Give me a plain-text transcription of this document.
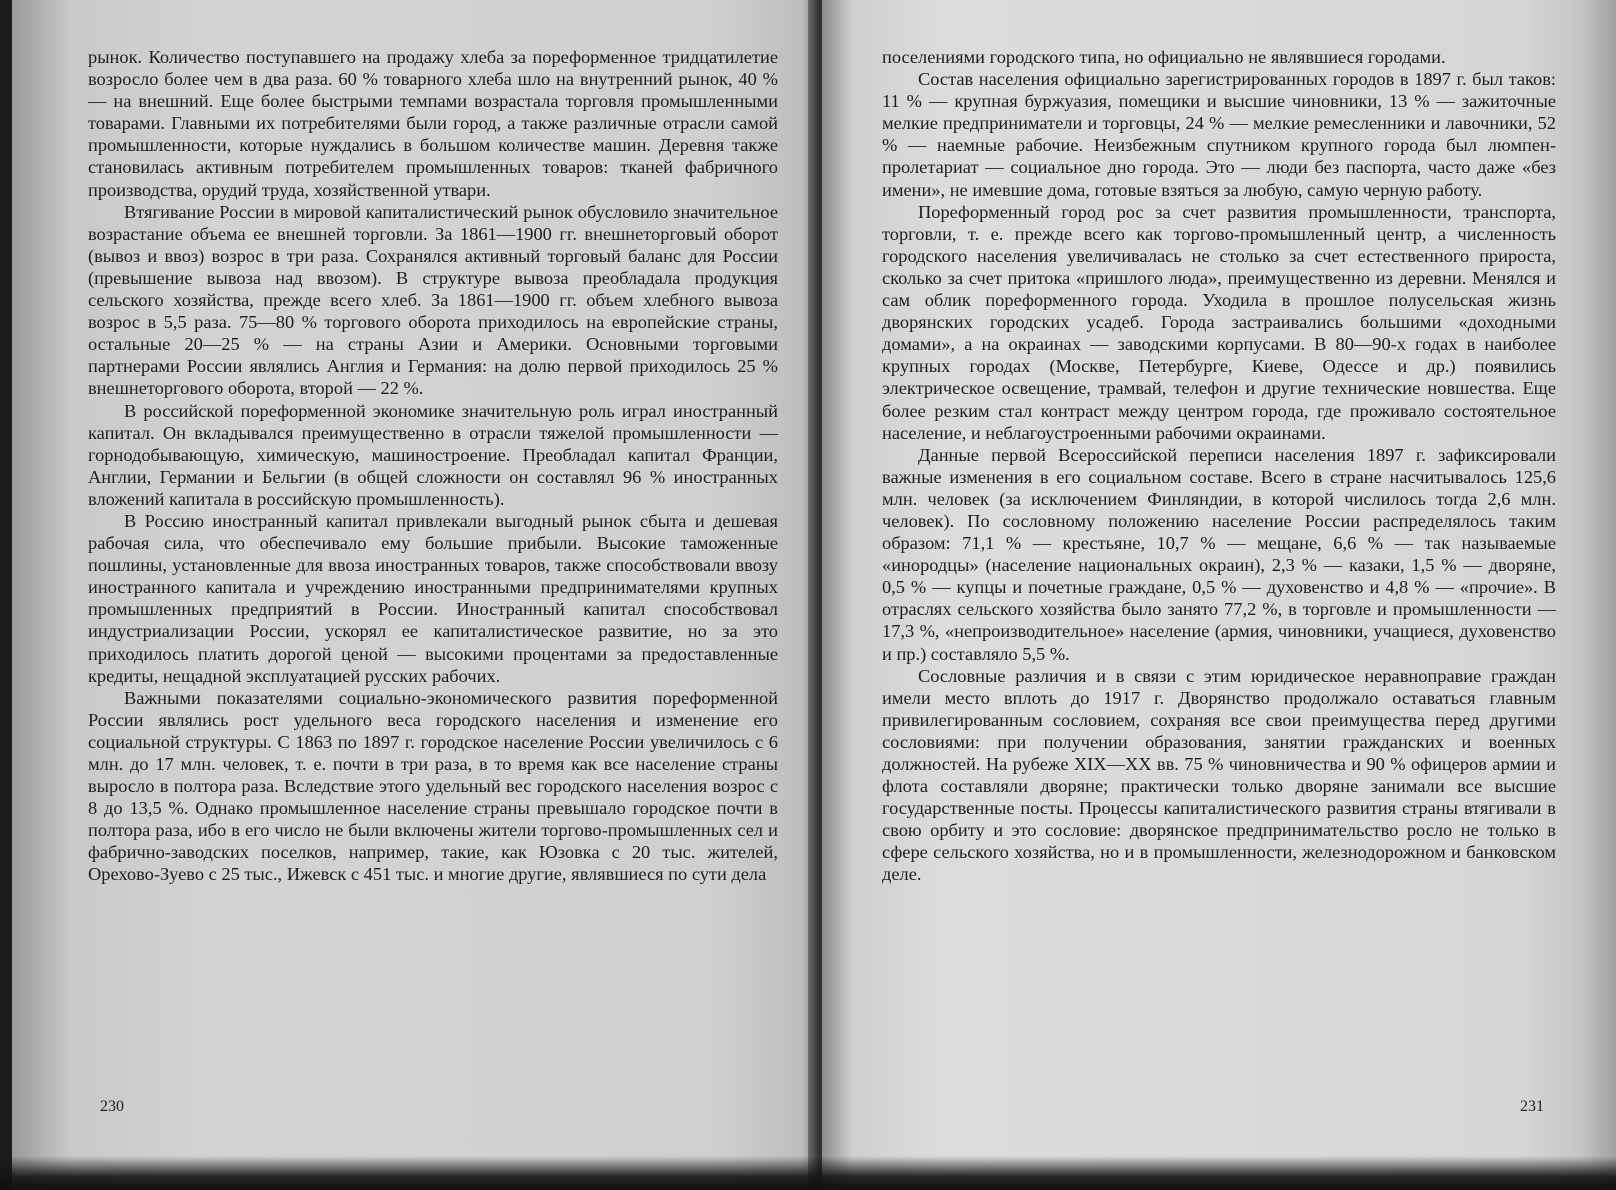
рынок. Количество поступавшего на продажу хлеба за пореформенное тридцатилетие возросло более чем в два раза. 60 % товарного хлеба шло на внутренний рынок, 40 % — на внешний. Еще более быстрыми темпами возрастала торговля промышленными товарами. Главными их потребителями были город, а также различные отрасли самой промышленности, которые нуждались в большом количестве машин. Деревня также становилась активным потребителем промышленных товаров: тканей фабричного производства, орудий труда, хозяйственной утвари.

Втягивание России в мировой капиталистический рынок обусловило значительное возрастание объема ее внешней торговли. За 1861—1900 гг. внешнеторговый оборот (вывоз и ввоз) возрос в три раза. Сохранялся активный торговый баланс для России (превышение вывоза над ввозом). В структуре вывоза преобладала продукция сельского хозяйства, прежде всего хлеб. За 1861—1900 гг. объем хлебного вывоза возрос в 5,5 раза. 75—80 % торгового оборота приходилось на европейские страны, остальные 20—25 % — на страны Азии и Америки. Основными торговыми партнерами России являлись Англия и Германия: на долю первой приходилось 25 % внешнеторгового оборота, второй — 22 %.

В российской пореформенной экономике значительную роль играл иностранный капитал. Он вкладывался преимущественно в отрасли тяжелой промышленности — горнодобывающую, химическую, машиностроение. Преобладал капитал Франции, Англии, Германии и Бельгии (в общей сложности он составлял 96 % иностранных вложений капитала в российскую промышленность).

В Россию иностранный капитал привлекали выгодный рынок сбыта и дешевая рабочая сила, что обеспечивало ему большие прибыли. Высокие таможенные пошлины, установленные для ввоза иностранных товаров, также способствовали ввозу иностранного капитала и учреждению иностранными предпринимателями крупных промышленных предприятий в России. Иностранный капитал способствовал индустриализации России, ускорял ее капиталистическое развитие, но за это приходилось платить дорогой ценой — высокими процентами за предоставленные кредиты, нещадной эксплуатацией русских рабочих.

Важными показателями социально-экономического развития пореформенной России являлись рост удельного веса городского населения и изменение его социальной структуры. С 1863 по 1897 г. городское население России увеличилось с 6 млн. до 17 млн. человек, т. е. почти в три раза, в то время как все население страны выросло в полтора раза. Вследствие этого удельный вес городского населения возрос с 8 до 13,5 %. Однако промышленное население страны превышало городское почти в полтора раза, ибо в его число не были включены жители торгово-промышленных сел и фабрично-заводских поселков, например, такие, как Юзовка с 20 тыс. жителей, Орехово-Зуево с 25 тыс., Ижевск с 451 тыс. и многие другие, являвшиеся по сути дела

230

поселениями городского типа, но официально не являвшиеся городами.

Состав населения официально зарегистрированных городов в 1897 г. был таков: 11 % — крупная буржуазия, помещики и высшие чиновники, 13 % — зажиточные мелкие предприниматели и торговцы, 24 % — мелкие ремесленники и лавочники, 52 % — наемные рабочие. Неизбежным спутником крупного города был люмпен-пролетариат — социальное дно города. Это — люди без паспорта, часто даже «без имени», не имевшие дома, готовые взяться за любую, самую черную работу.

Пореформенный город рос за счет развития промышленности, транспорта, торговли, т. е. прежде всего как торгово-промышленный центр, а численность городского населения увеличивалась не столько за счет естественного прироста, сколько за счет притока «пришлого люда», преимущественно из деревни. Менялся и сам облик пореформенного города. Уходила в прошлое полусельская жизнь дворянских городских усадеб. Города застраивались большими «доходными домами», а на окраинах — заводскими корпусами. В 80—90-х годах в наиболее крупных городах (Москве, Петербурге, Киеве, Одессе и др.) появились электрическое освещение, трамвай, телефон и другие технические новшества. Еще более резким стал контраст между центром города, где проживало состоятельное население, и неблагоустроенными рабочими окраинами.

Данные первой Всероссийской переписи населения 1897 г. зафиксировали важные изменения в его социальном составе. Всего в стране насчитывалось 125,6 млн. человек (за исключением Финляндии, в которой числилось тогда 2,6 млн. человек). По сословному положению население России распределялось таким образом: 71,1 % — крестьяне, 10,7 % — мещане, 6,6 % — так называемые «инородцы» (население национальных окраин), 2,3 % — казаки, 1,5 % — дворяне, 0,5 % — купцы и почетные граждане, 0,5 % — духовенство и 4,8 % — «прочие». В отраслях сельского хозяйства было занято 77,2 %, в торговле и промышленности — 17,3 %, «непроизводительное» население (армия, чиновники, учащиеся, духовенство и пр.) составляло 5,5 %.

Сословные различия и в связи с этим юридическое неравноправие граждан имели место вплоть до 1917 г. Дворянство продолжало оставаться главным привилегированным сословием, сохраняя все свои преимущества перед другими сословиями: при получении образования, занятии гражданских и военных должностей. На рубеже XIX—XX вв. 75 % чиновничества и 90 % офицеров армии и флота составляли дворяне; практически только дворяне занимали все высшие государственные посты. Процессы капиталистического развития страны втягивали в свою орбиту и это сословие: дворянское предпринимательство росло не только в сфере сельского хозяйства, но и в промышленности, железнодорожном и банковском деле.

231
